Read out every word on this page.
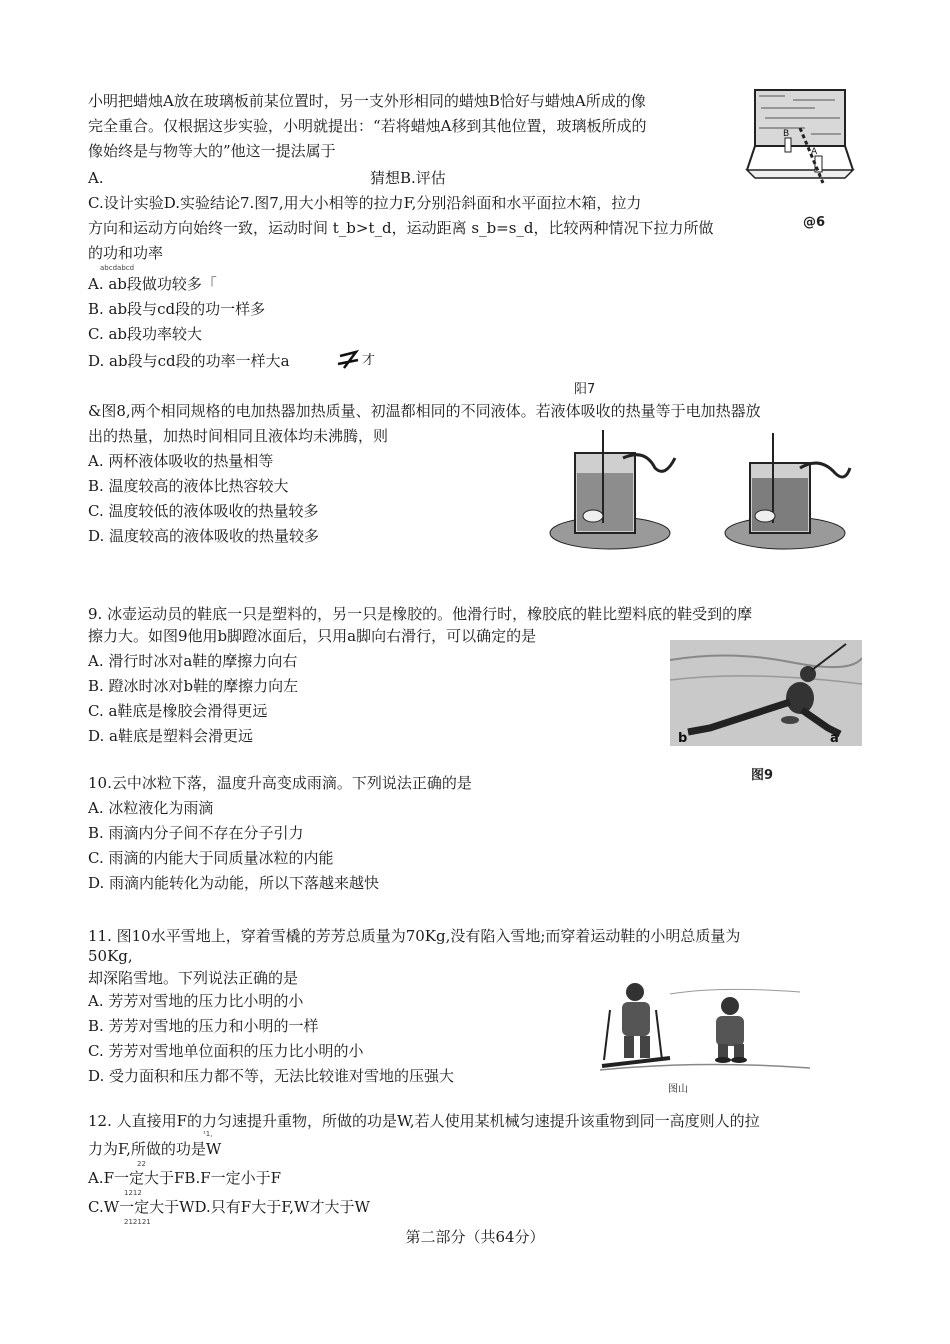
小明把蜡烛A放在玻璃板前某位置时，另一支外形相同的蜡烛B恰好与蜡烛A所成的像
完全重合。仅根据这步实验，小明就提出：“若将蜡烛A移到其他位置，玻璃板所成的
像始终是与物等大的”他这一提法属于
A.	猜想B.评估
B
A
@6
C.设计实验D.实验结论7.图7,用大小相等的拉力F,分别沿斜面和水平面拉木箱，拉力
方向和运动方向始终一致，运动时间 t_b>t_d，运动距离 s_b=s_d，比较两种情况下拉力所做
的功和功率
abcdabcd
A. ab段做功较多「
B. ab段与cd段的功一样多
C. ab段功率较大
D. ab段与cd段的功率一样大a	才
阳7
&图8,两个相同规格的电加热器加热质量、初温都相同的不同液体。若液体吸收的热量等于电加热器放
出的热量，加热时间相同且液体均未沸腾，则
A. 两杯液体吸收的热量相等
B. 温度较高的液体比热容较大
C. 温度较低的液体吸收的热量较多
D. 温度较高的液体吸收的热量较多
9. 冰壶运动员的鞋底一只是塑料的，另一只是橡胶的。他滑行时，橡胶底的鞋比塑料底的鞋受到的摩
擦力大。如图9他用b脚蹬冰面后，只用a脚向右滑行，可以确定的是
A. 滑行时冰对a鞋的摩擦力向右
B. 蹬冰时冰对b鞋的摩擦力向左
C. a鞋底是橡胶会滑得更远
D. a鞋底是塑料会滑更远	b	a
图9
10.云中冰粒下落，温度升高变成雨滴。下列说法正确的是
A. 冰粒液化为雨滴
B. 雨滴内分子间不存在分子引力
C. 雨滴的内能大于同质量冰粒的内能
D. 雨滴内能转化为动能，所以下落越来越快
11. 图10水平雪地上，穿着雪橇的芳芳总质量为70Kg,没有陷入雪地;而穿着运动鞋的小明总质量为
50Kg,
却深陷雪地。下列说法正确的是
A. 芳芳对雪地的压力比小明的小
B. 芳芳对雪地的压力和小明的一样
C. 芳芳对雪地单位面积的压力比小明的小
D. 受力面积和压力都不等，无法比较谁对雪地的压强大
图山
12. 人直接用F的力匀速提升重物，所做的功是W,若人使用某机械匀速提升该重物到同一高度则人的拉
¹1,
力为F,所做的功是W
22
A.F一定大于FB.F一定小于F
1212
C.W一定大于WD.只有F大于F,W才大于W
212121
第二部分（共64分）
